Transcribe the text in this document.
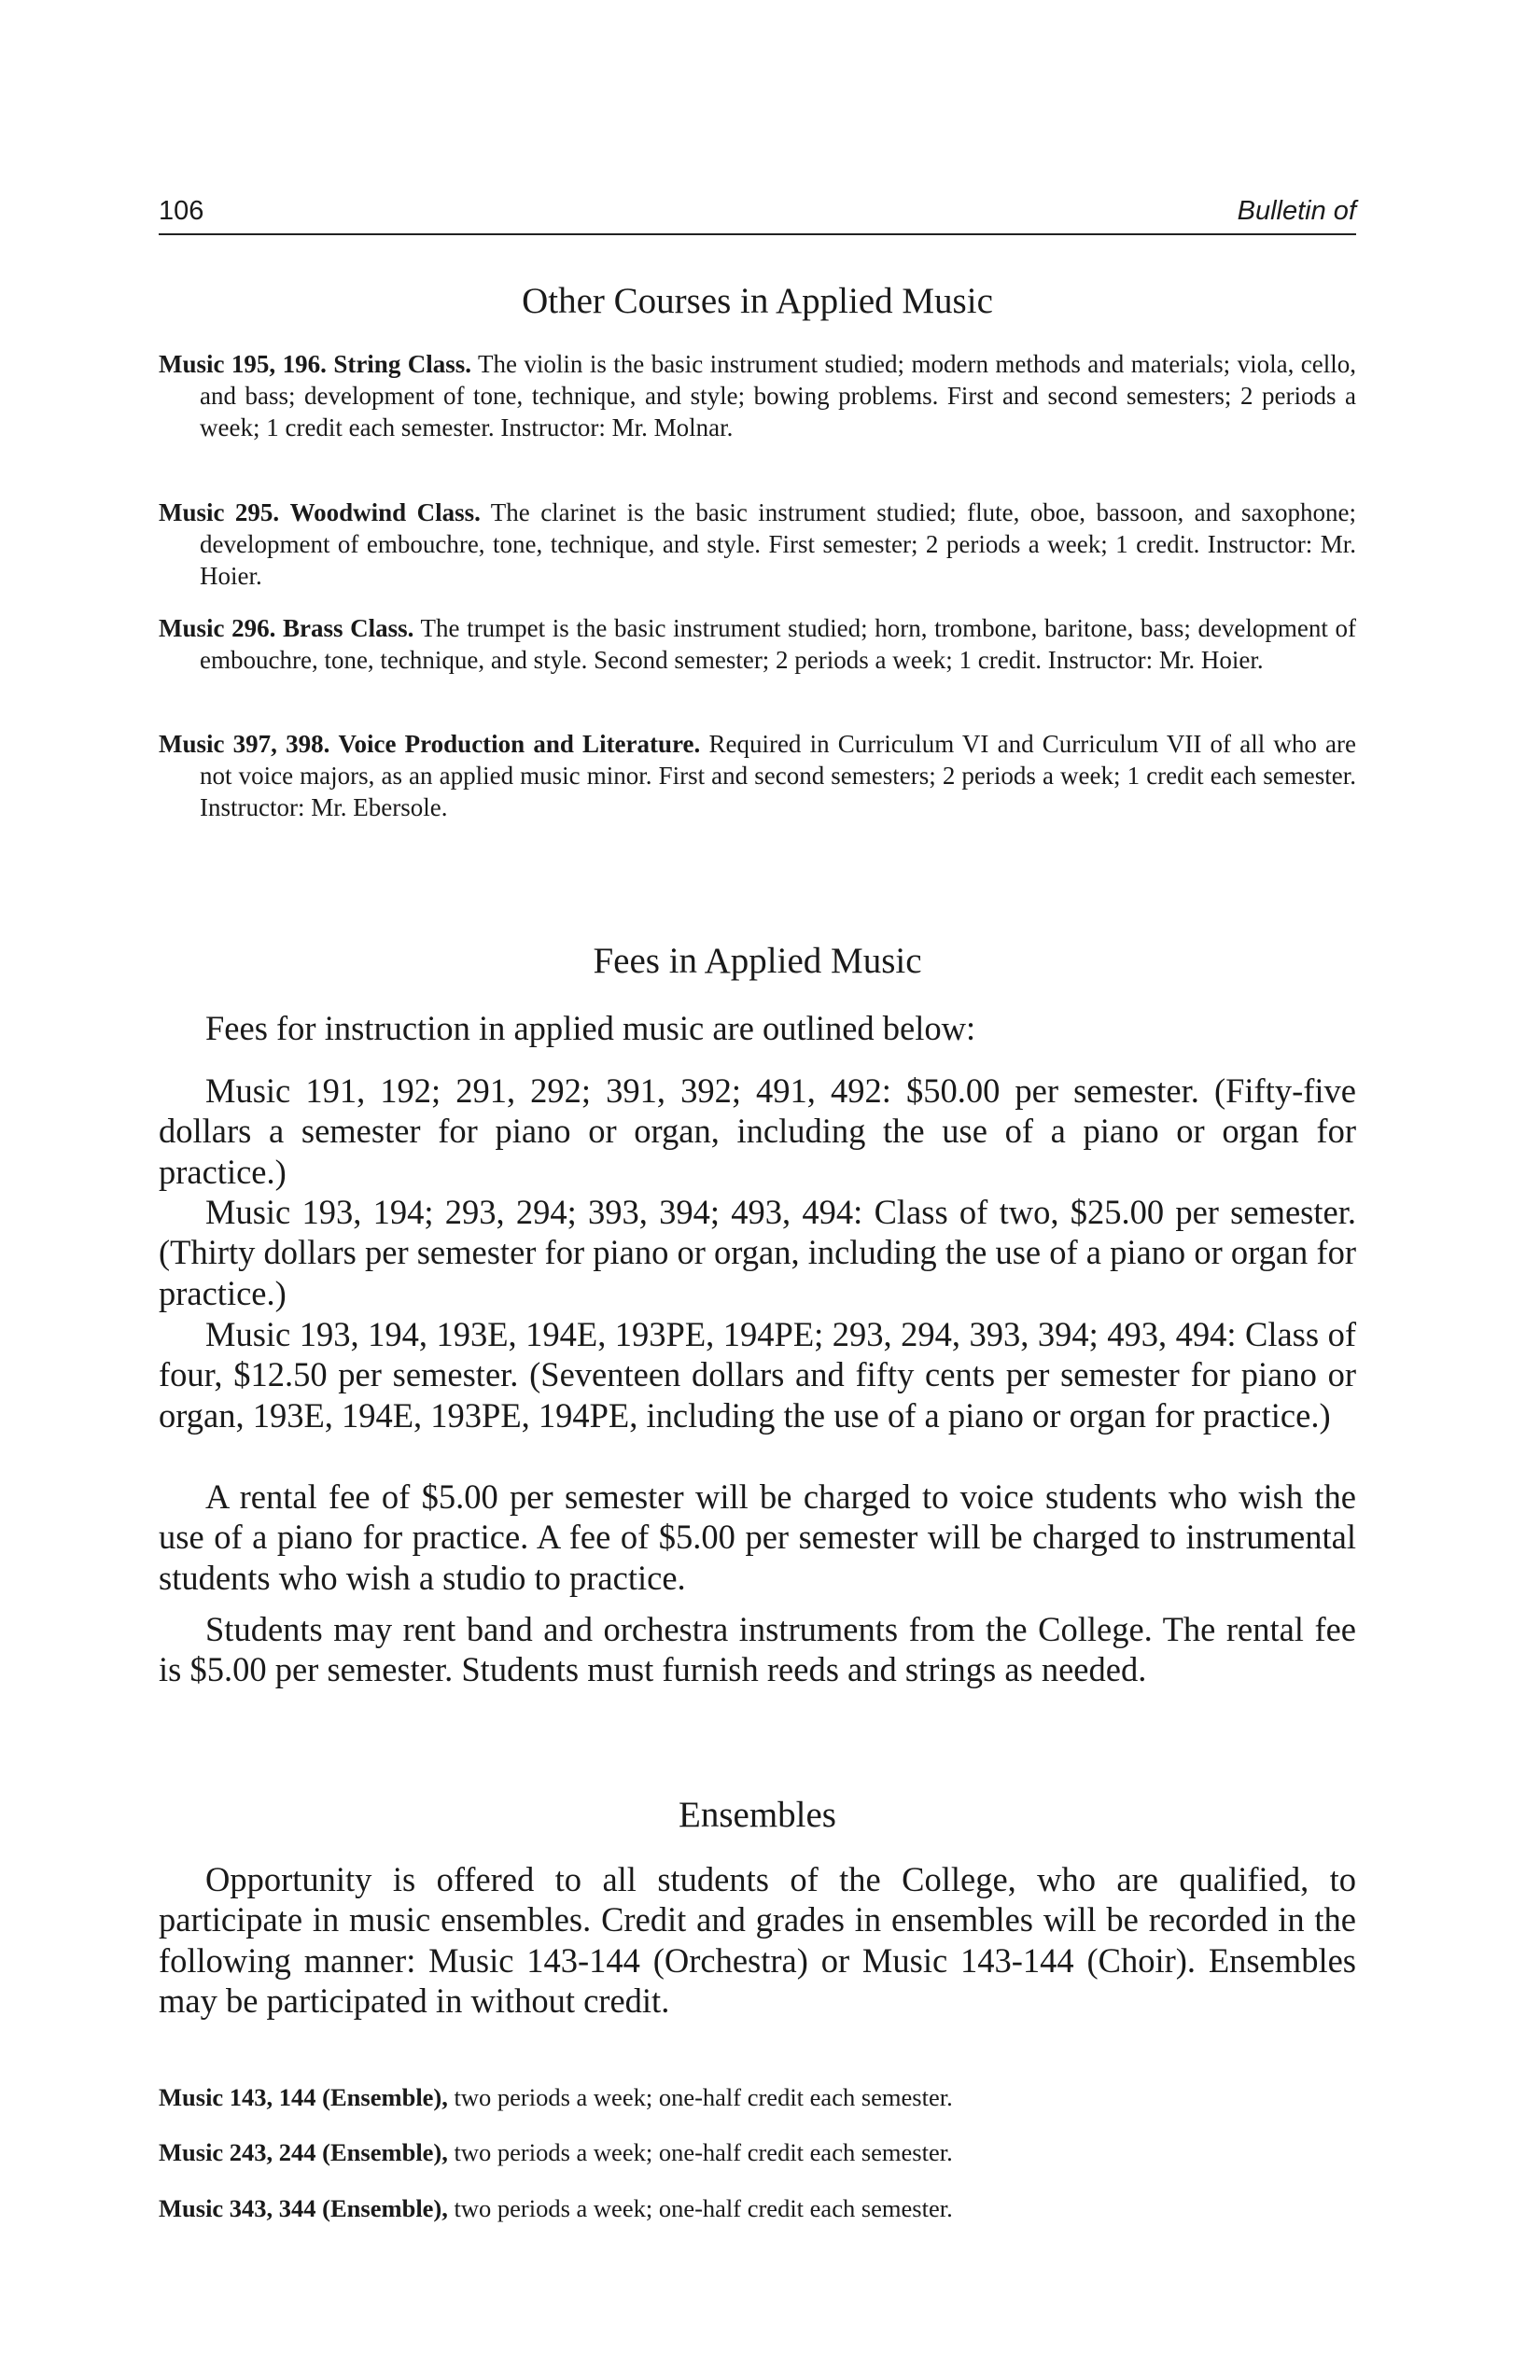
106	Bulletin of
Other Courses in Applied Music
Music 195, 196. String Class. The violin is the basic instrument studied; modern methods and materials; viola, cello, and bass; development of tone, technique, and style; bowing problems. First and second semesters; 2 periods a week; 1 credit each semester. Instructor: Mr. Molnar.
Music 295. Woodwind Class. The clarinet is the basic instrument studied; flute, oboe, bassoon, and saxophone; development of embouchre, tone, technique, and style. First semester; 2 periods a week; 1 credit. Instructor: Mr. Hoier.
Music 296. Brass Class. The trumpet is the basic instrument studied; horn, trombone, baritone, bass; development of embouchre, tone, technique, and style. Second semester; 2 periods a week; 1 credit. Instructor: Mr. Hoier.
Music 397, 398. Voice Production and Literature. Required in Curriculum VI and Curriculum VII of all who are not voice majors, as an applied music minor. First and second semesters; 2 periods a week; 1 credit each semester. Instructor: Mr. Ebersole.
Fees in Applied Music

Fees for instruction in applied music are outlined below:

Music 191, 192; 291, 292; 391, 392; 491, 492: $50.00 per semester. (Fifty-five dollars a semester for piano or organ, including the use of a piano or organ for practice.)

Music 193, 194; 293, 294; 393, 394; 493, 494: Class of two, $25.00 per semester. (Thirty dollars per semester for piano or organ, including the use of a piano or organ for practice.)

Music 193, 194, 193E, 194E, 193PE, 194PE; 293, 294, 393, 394; 493, 494: Class of four, $12.50 per semester. (Seventeen dollars and fifty cents per semester for piano or organ, 193E, 194E, 193PE, 194PE, including the use of a piano or organ for practice.)

A rental fee of $5.00 per semester will be charged to voice students who wish the use of a piano for practice. A fee of $5.00 per semester will be charged to instrumental students who wish a studio to practice.

Students may rent band and orchestra instruments from the College. The rental fee is $5.00 per semester. Students must furnish reeds and strings as needed.

Ensembles

Opportunity is offered to all students of the College, who are qualified, to participate in music ensembles. Credit and grades in ensembles will be recorded in the following manner: Music 143-144 (Orchestra) or Music 143-144 (Choir). Ensembles may be participated in without credit.

Music 143, 144 (Ensemble), two periods a week; one-half credit each semester.
Music 243, 244 (Ensemble), two periods a week; one-half credit each semester.
Music 343, 344 (Ensemble), two periods a week; one-half credit each semester.
